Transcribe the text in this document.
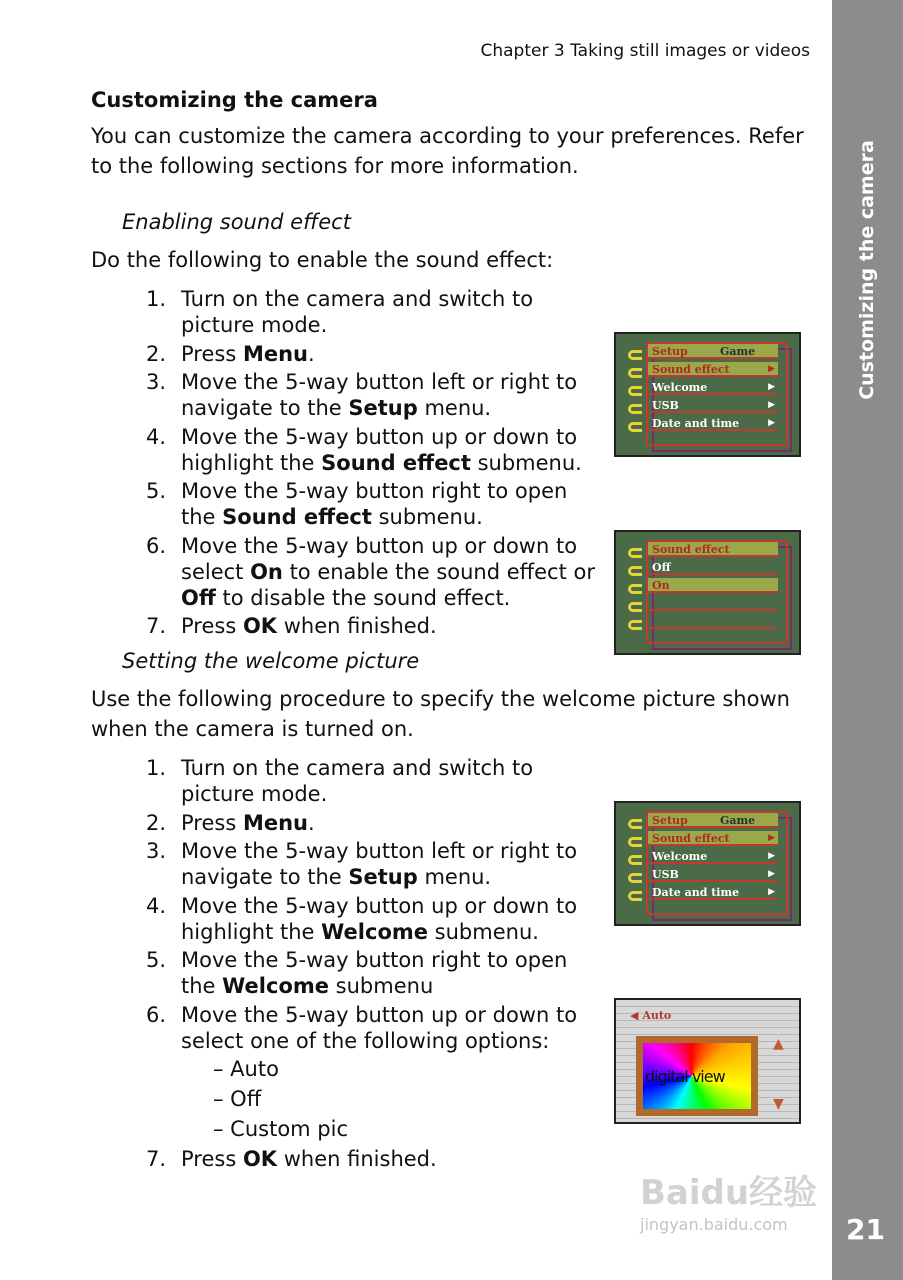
Customizing the camera
21
Chapter 3 Taking still images or videos
Customizing the camera
You can customize the camera according to your preferences. Refer to the following sections for more information.
Enabling sound effect
Do the following to enable the sound effect:
1. Turn on the camera and switch to picture mode.
2. Press Menu.
3. Move the 5-way button left or right to navigate to the Setup menu.
4. Move the 5-way button up or down to highlight the Sound effect submenu.
5. Move the 5-way button right to open the Sound effect submenu.
6. Move the 5-way button up or down to select On to enable the sound effect or Off to disable the sound effect.
7. Press OK when finished.
Setting the welcome picture
Use the following procedure to specify the welcome picture shown when the camera is turned on.
1. Turn on the camera and switch to picture mode.
2. Press Menu.
3. Move the 5-way button left or right to navigate to the Setup menu.
4. Move the 5-way button up or down to highlight the Welcome submenu.
5. Move the 5-way button right to open the Welcome submenu
6. Move the 5-way button up or down to select one of the following options:
– Auto
– Off
– Custom pic
7. Press OK when finished.
Setup	Game
Sound effect	▶
Welcome	▶
USB	▶
Date and time	▶
Sound effect
Off
On
Setup	Game
Sound effect	▶
Welcome	▶
USB	▶
Date and time	▶
◀ Auto
digital view
▲
▼
Baidu经验
jingyan.baidu.com
